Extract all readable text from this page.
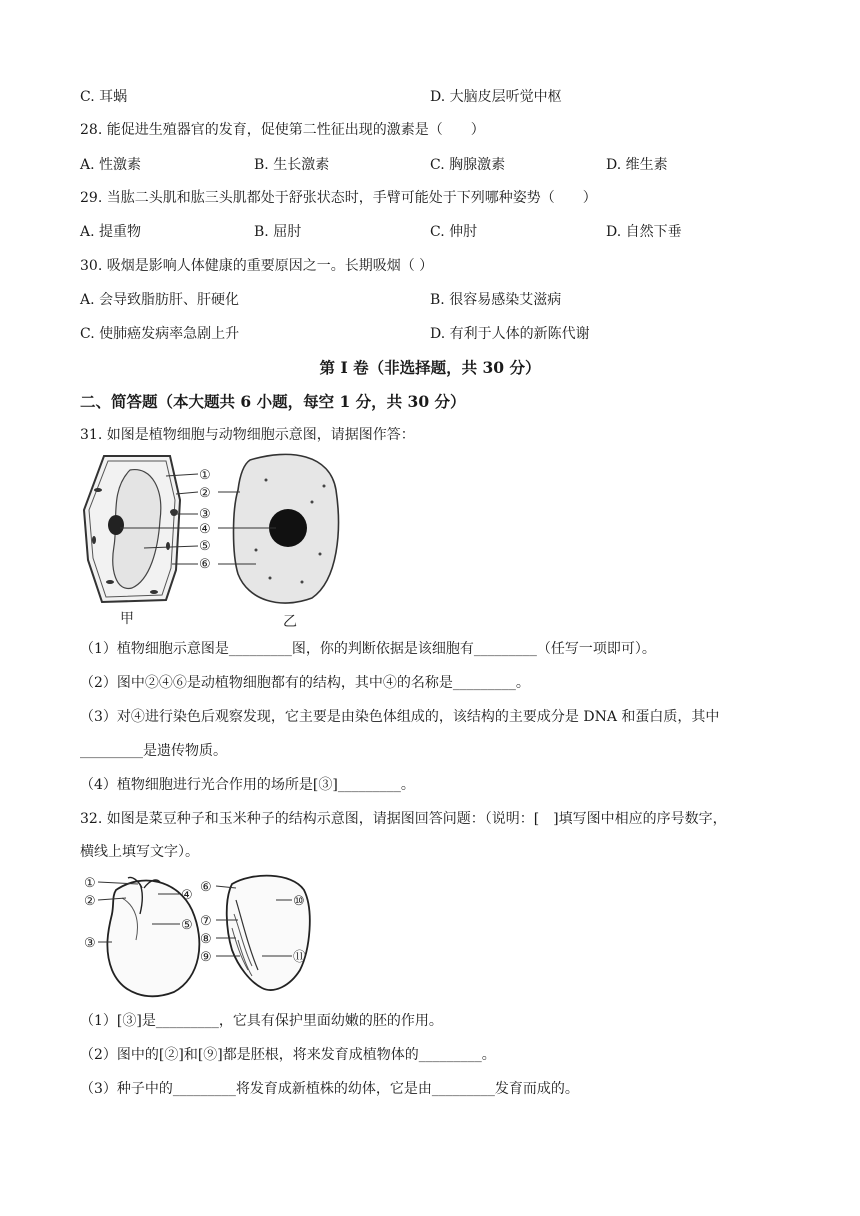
C. 耳蜗	D. 大脑皮层听觉中枢
28. 能促进生殖器官的发育，促使第二性征出现的激素是（　　）
A. 性激素	B. 生长激素	C. 胸腺激素	D. 维生素
29. 当肱二头肌和肱三头肌都处于舒张状态时，手臂可能处于下列哪种姿势（　　）
A. 提重物	B. 屈肘	C. 伸肘	D. 自然下垂
30. 吸烟是影响人体健康的重要原因之一。长期吸烟（ ）
A. 会导致脂肪肝、肝硬化	B. 很容易感染艾滋病
C. 使肺癌发病率急剧上升	D. 有利于人体的新陈代谢
第 I 卷（非选择题，共 30 分）
二、简答题（本大题共 6 小题，每空 1 分，共 30 分）
31. 如图是植物细胞与动物细胞示意图，请据图作答：
①
②
③
④
⑤
⑥
甲	乙
（1）植物细胞示意图是_________图，你的判断依据是该细胞有_________（任写一项即可）。
（2）图中②④⑥是动植物细胞都有的结构，其中④的名称是_________。
（3）对④进行染色后观察发现，它主要是由染色体组成的，该结构的主要成分是 DNA 和蛋白质，其中
_________是遗传物质。
（4）植物细胞进行光合作用的场所是[③]_________。
32. 如图是菜豆种子和玉米种子的结构示意图，请据图回答问题：（说明：[　]填写图中相应的序号数字，
横线上填写文字）。
①
②
③
④
⑤
⑥
⑦
⑧
⑨
⑩
⑪
（1）[③]是_________，它具有保护里面幼嫩的胚的作用。
（2）图中的[②]和[⑨]都是胚根，将来发育成植物体的_________。
（3）种子中的_________将发育成新植株的幼体，它是由_________发育而成的。
